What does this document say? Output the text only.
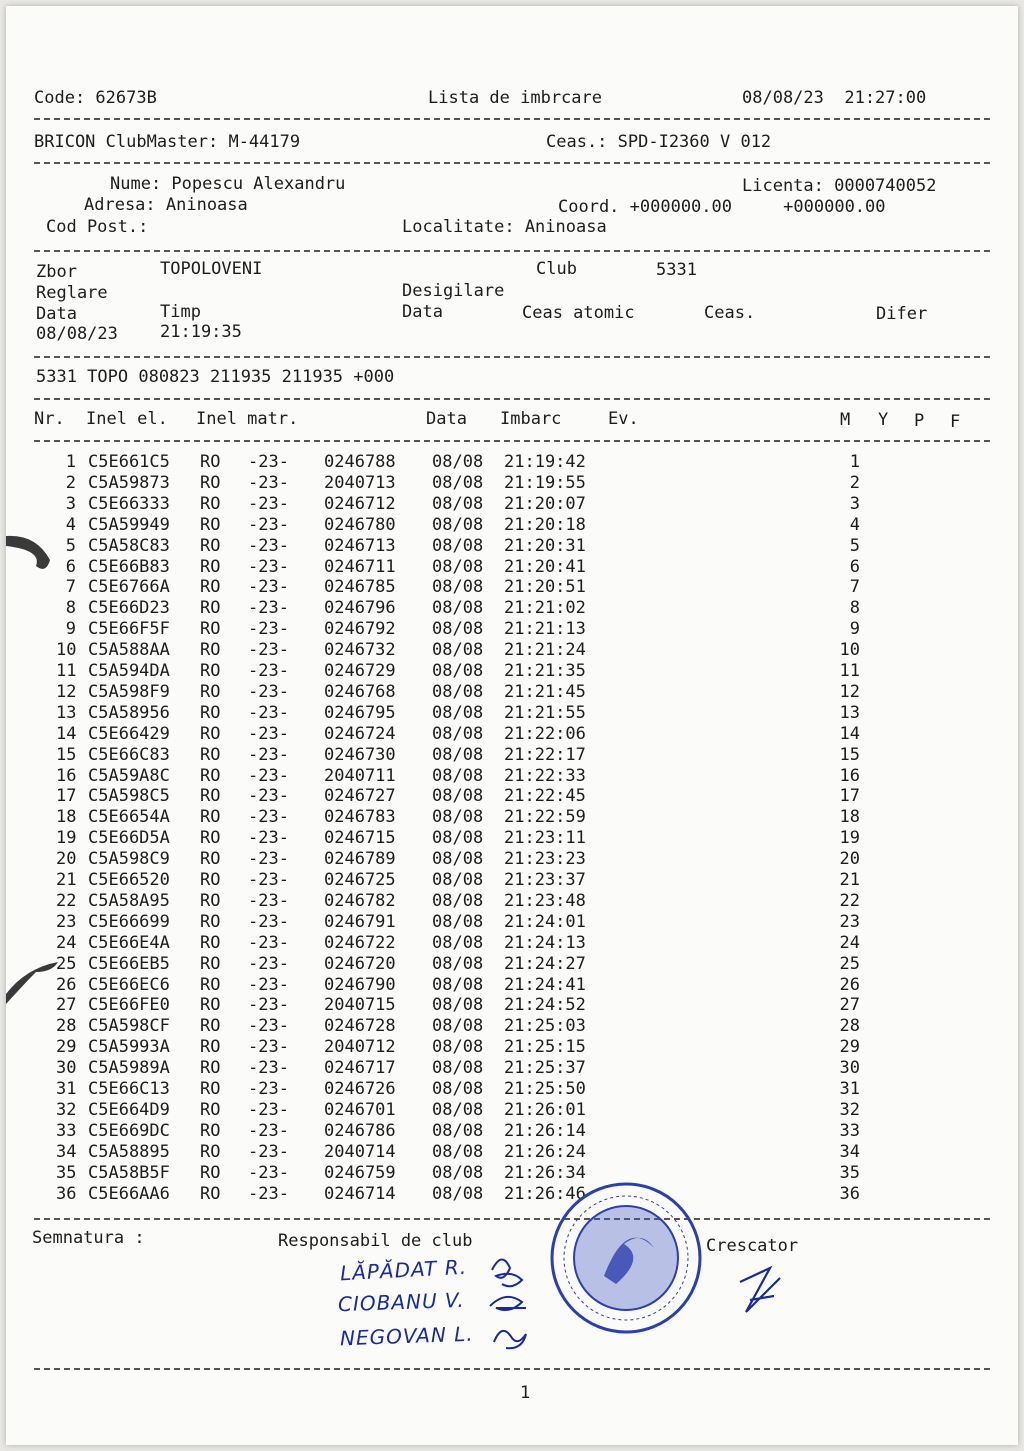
Code: 62673B	Lista de imbrcare	08/08/23  21:27:00
BRICON ClubMaster: M-44179	Ceas.: SPD-I2360 V 012
Nume: Popescu Alexandru	Licenta: 0000740052
Adresa: Aninoasa	Coord. +000000.00     +000000.00
Cod Post.:	Localitate: Aninoasa
Zbor	TOPOLOVENI	Club	5331
Reglare	Desigilare
Data	Timp	Data	Ceas atomic	Ceas.	Difer
08/08/23 21:19:35
5331 TOPO 080823 211935 211935 +000
Nr. Inel el. Inel matr.	Data Imbarc	Ev.	M Y P F
1 C5E661C5 RO -23- 0246788 08/08 21:19:42	1
2 C5A59873 RO -23- 2040713 08/08 21:19:55	2
3 C5E66333 RO -23- 0246712 08/08 21:20:07	3
4 C5A59949 RO -23- 0246780 08/08 21:20:18	4
5 C5A58C83 RO -23- 0246713 08/08 21:20:31	5
6 C5E66B83 RO -23- 0246711 08/08 21:20:41	6
7 C5E6766A RO -23- 0246785 08/08 21:20:51	7
8 C5E66D23 RO -23- 0246796 08/08 21:21:02	8
9 C5E66F5F RO -23- 0246792 08/08 21:21:13	9
10 C5A588AA RO -23- 0246732 08/08 21:21:24	10
11 C5A594DA RO -23- 0246729 08/08 21:21:35	11
12 C5A598F9 RO -23- 0246768 08/08 21:21:45	12
13 C5A58956 RO -23- 0246795 08/08 21:21:55	13
14 C5E66429 RO -23- 0246724 08/08 21:22:06	14
15 C5E66C83 RO -23- 0246730 08/08 21:22:17	15
16 C5A59A8C RO -23- 2040711 08/08 21:22:33	16
17 C5A598C5 RO -23- 0246727 08/08 21:22:45	17
18 C5E6654A RO -23- 0246783 08/08 21:22:59	18
19 C5E66D5A RO -23- 0246715 08/08 21:23:11	19
20 C5A598C9 RO -23- 0246789 08/08 21:23:23	20
21 C5E66520 RO -23- 0246725 08/08 21:23:37	21
22 C5A58A95 RO -23- 0246782 08/08 21:23:48	22
23 C5E66699 RO -23- 0246791 08/08 21:24:01	23
24 C5E66E4A RO -23- 0246722 08/08 21:24:13	24
25 C5E66EB5 RO -23- 0246720 08/08 21:24:27	25
26 C5E66EC6 RO -23- 0246790 08/08 21:24:41	26
27 C5E66FE0 RO -23- 2040715 08/08 21:24:52	27
28 C5A598CF RO -23- 0246728 08/08 21:25:03	28
29 C5A5993A RO -23- 2040712 08/08 21:25:15	29
30 C5A5989A RO -23- 0246717 08/08 21:25:37	30
31 C5E66C13 RO -23- 0246726 08/08 21:25:50	31
32 C5E664D9 RO -23- 0246701 08/08 21:26:01	32
33 C5E669DC RO -23- 0246786 08/08 21:26:14	33
34 C5A58895 RO -23- 2040714 08/08 21:26:24	34
35 C5A58B5F RO -23- 0246759 08/08 21:26:34	35
36 C5E66AA6 RO -23- 0246714 08/08 21:26:46	36
Semnatura :	Responsabil de club	Crescator
LĂPĂDAT R.
CIOBANU V.
NEGOVAN L.
1
